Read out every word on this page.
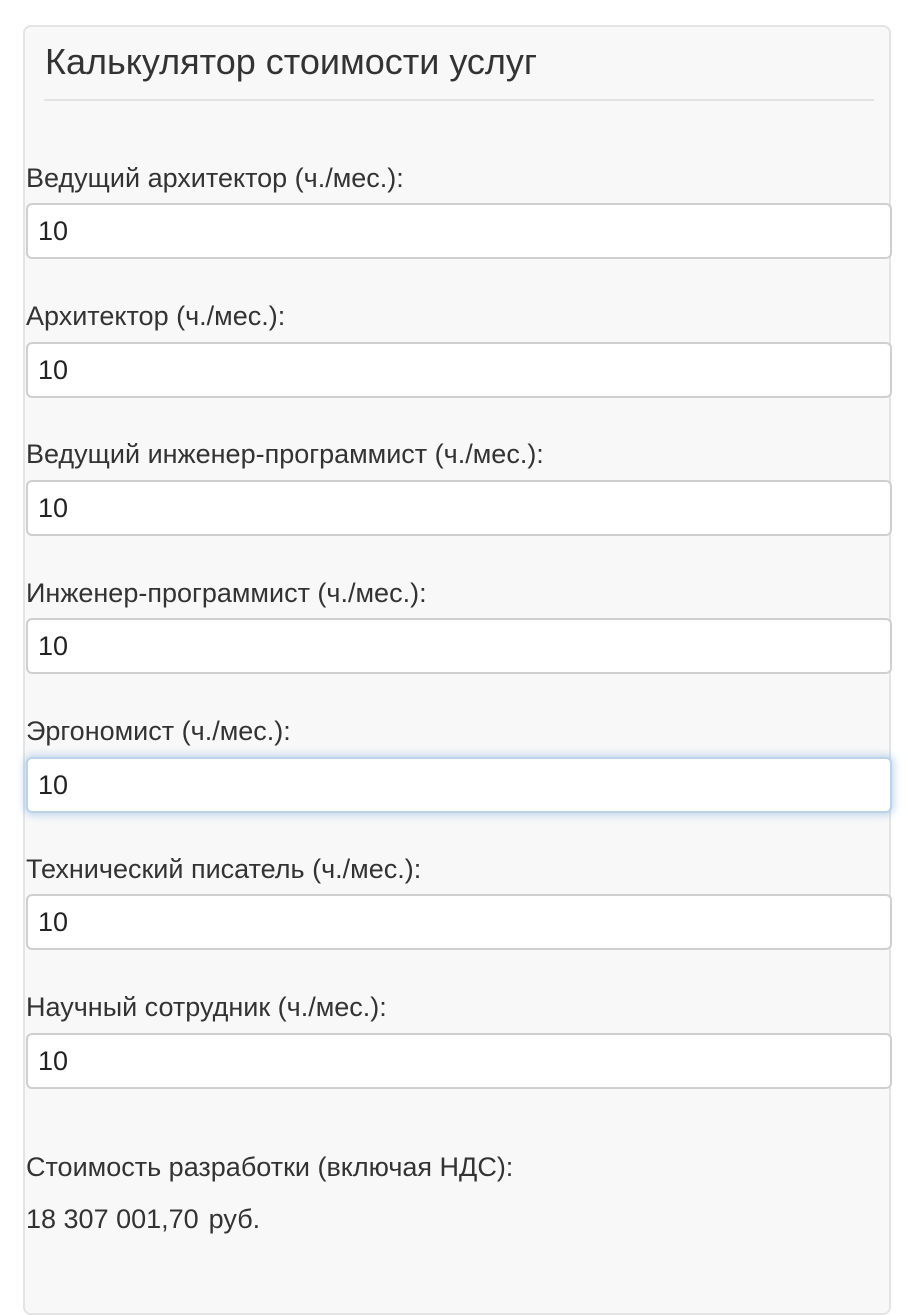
Калькулятор стоимости услуг
Ведущий архитектор (ч./мес.):
10
Архитектор (ч./мес.):
10
Ведущий инженер-программист (ч./мес.):
10
Инженер-программист (ч./мес.):
10
Эргономист (ч./мес.):
10
Технический писатель (ч./мес.):
10
Научный сотрудник (ч./мес.):
10
Стоимость разработки (включая НДС):
18 307 001,70 руб.
